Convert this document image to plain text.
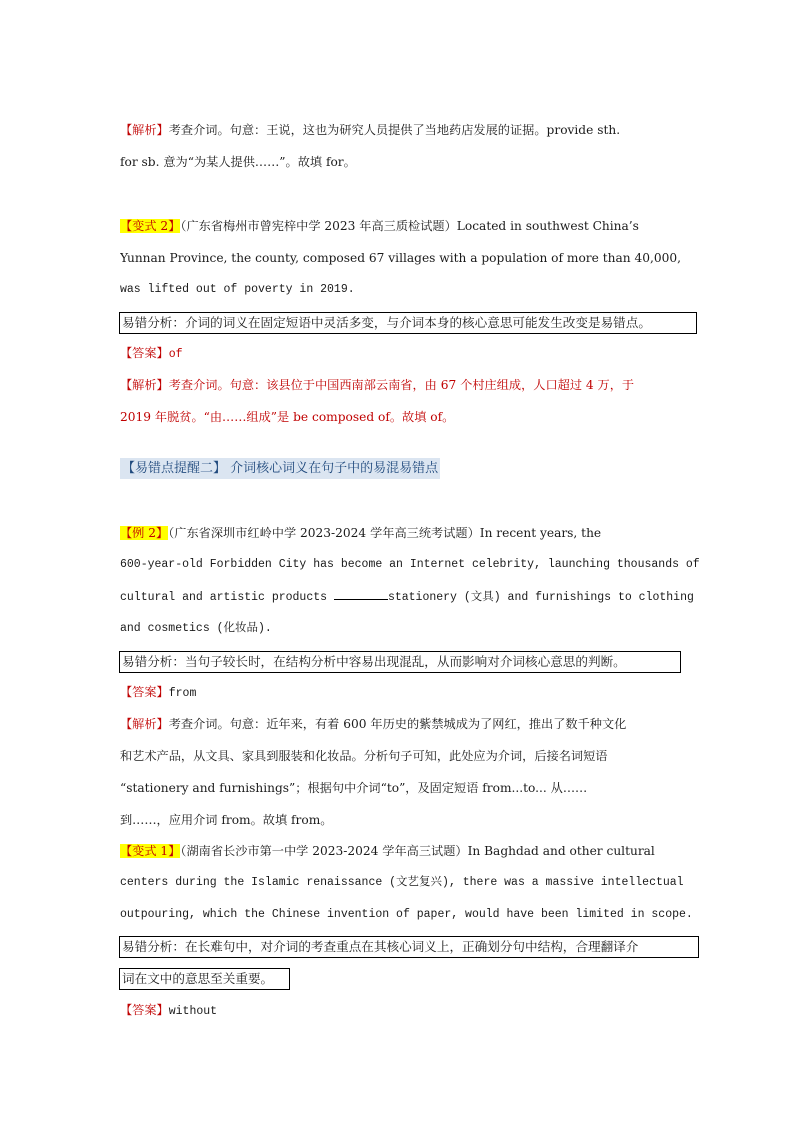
【解析】考查介词。句意：王说，这也为研究人员提供了当地药店发展的证据。provide sth.
for sb. 意为“为某人提供……”。故填 for。
【变式 2】（广东省梅州市曾宪梓中学 2023 年高三质检试题）Located in southwest China’s
Yunnan Province, the county, composed 67 villages with a population of more than 40,000,
was lifted out of poverty in 2019.
易错分析：介词的词义在固定短语中灵活多变，与介词本身的核心意思可能发生改变是易错点。
【答案】of
【解析】考查介词。句意：该县位于中国西南部云南省，由 67 个村庄组成，人口超过 4 万，于
2019 年脱贫。“由……组成”是 be composed of。故填 of。
【易错点提醒二】 介词核心词义在句子中的易混易错点
【例 2】（广东省深圳市红岭中学 2023-2024 学年高三统考试题）In recent years, the
600-year-old Forbidden City has become an Internet celebrity, launching thousands of
cultural and artistic products	stationery (文具) and furnishings to clothing
and cosmetics (化妆品).
易错分析：当句子较长时，在结构分析中容易出现混乱，从而影响对介词核心意思的判断。
【答案】from
【解析】考查介词。句意：近年来，有着 600 年历史的紫禁城成为了网红，推出了数千种文化
和艺术产品，从文具、家具到服装和化妆品。分析句子可知，此处应为介词，后接名词短语
“stationery and furnishings”；根据句中介词“to”，及固定短语 from...to... 从……
到……，应用介词 from。故填 from。
【变式 1】（湖南省长沙市第一中学 2023-2024 学年高三试题）In Baghdad and other cultural
centers during the Islamic renaissance (文艺复兴), there was a massive intellectual
outpouring, which the Chinese invention of paper, would have been limited in scope.
易错分析：在长难句中，对介词的考查重点在其核心词义上，正确划分句中结构，合理翻译介
词在文中的意思至关重要。
【答案】without
